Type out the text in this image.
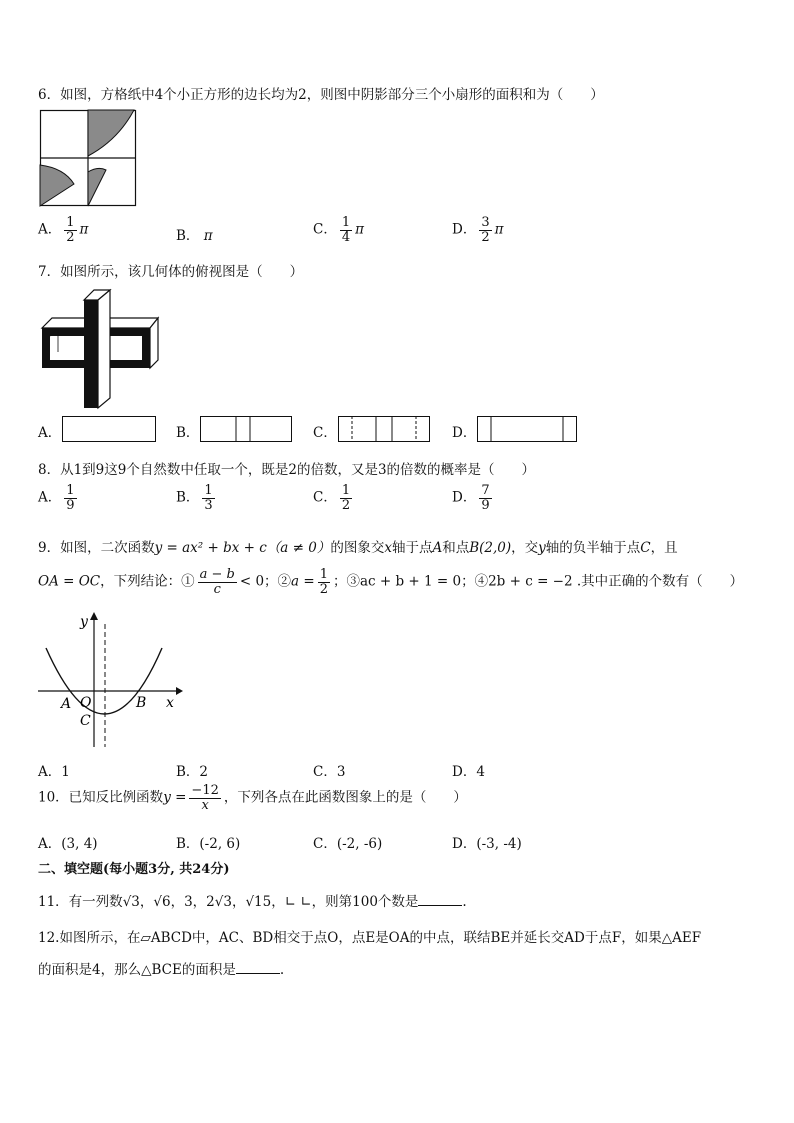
6．如图，方格纸中4个小正方形的边长均为2，则图中阴影部分三个小扇形的面积和为（　　）
A． $\frac{1}{2}$ π	B． π	C． $\frac{1}{4}$ π	D． $\frac{3}{2}$ π
7．如图所示，该几何体的俯视图是（　　）
A．	B．	C．	D．
8．从1到9这9个自然数中任取一个，既是2的倍数，又是3的倍数的概率是（　　）
A． $\frac{1}{9}$	B． $\frac{1}{3}$	C． $\frac{1}{2}$	D． $\frac{7}{9}$
9．如图，二次函数y = ax² + bx + c（a ≠ 0）的图象交x轴于点A和点B(2,0)，交y轴的负半轴于点C，且
OA = OC，下列结论：① $\frac{a - b}{c} < 0$；②a = $\frac{1}{2}$ ；③ac + b + 1 = 0；④2b + c = −2 .其中正确的个数有（　　）
y
x
O
A	B
C
A．1	B．2	C．3	D．4
10．已知反比例函数$y = \frac{-12}{x}$ ，下列各点在此函数图象上的是（　　）
A．(3, 4)	B．(-2, 6)	C．(-2, -6)	D．(-3, -4)
二、填空题(每小题3分, 共24分)
11．有一列数√3，√6，3，2√3，√15，∟ ∟，则第100个数是	.
12.如图所示，在▱ABCD中，AC、BD相交于点O，点E是OA的中点，联结BE并延长交AD于点F，如果△AEF
的面积是4，那么△BCE的面积是	.
